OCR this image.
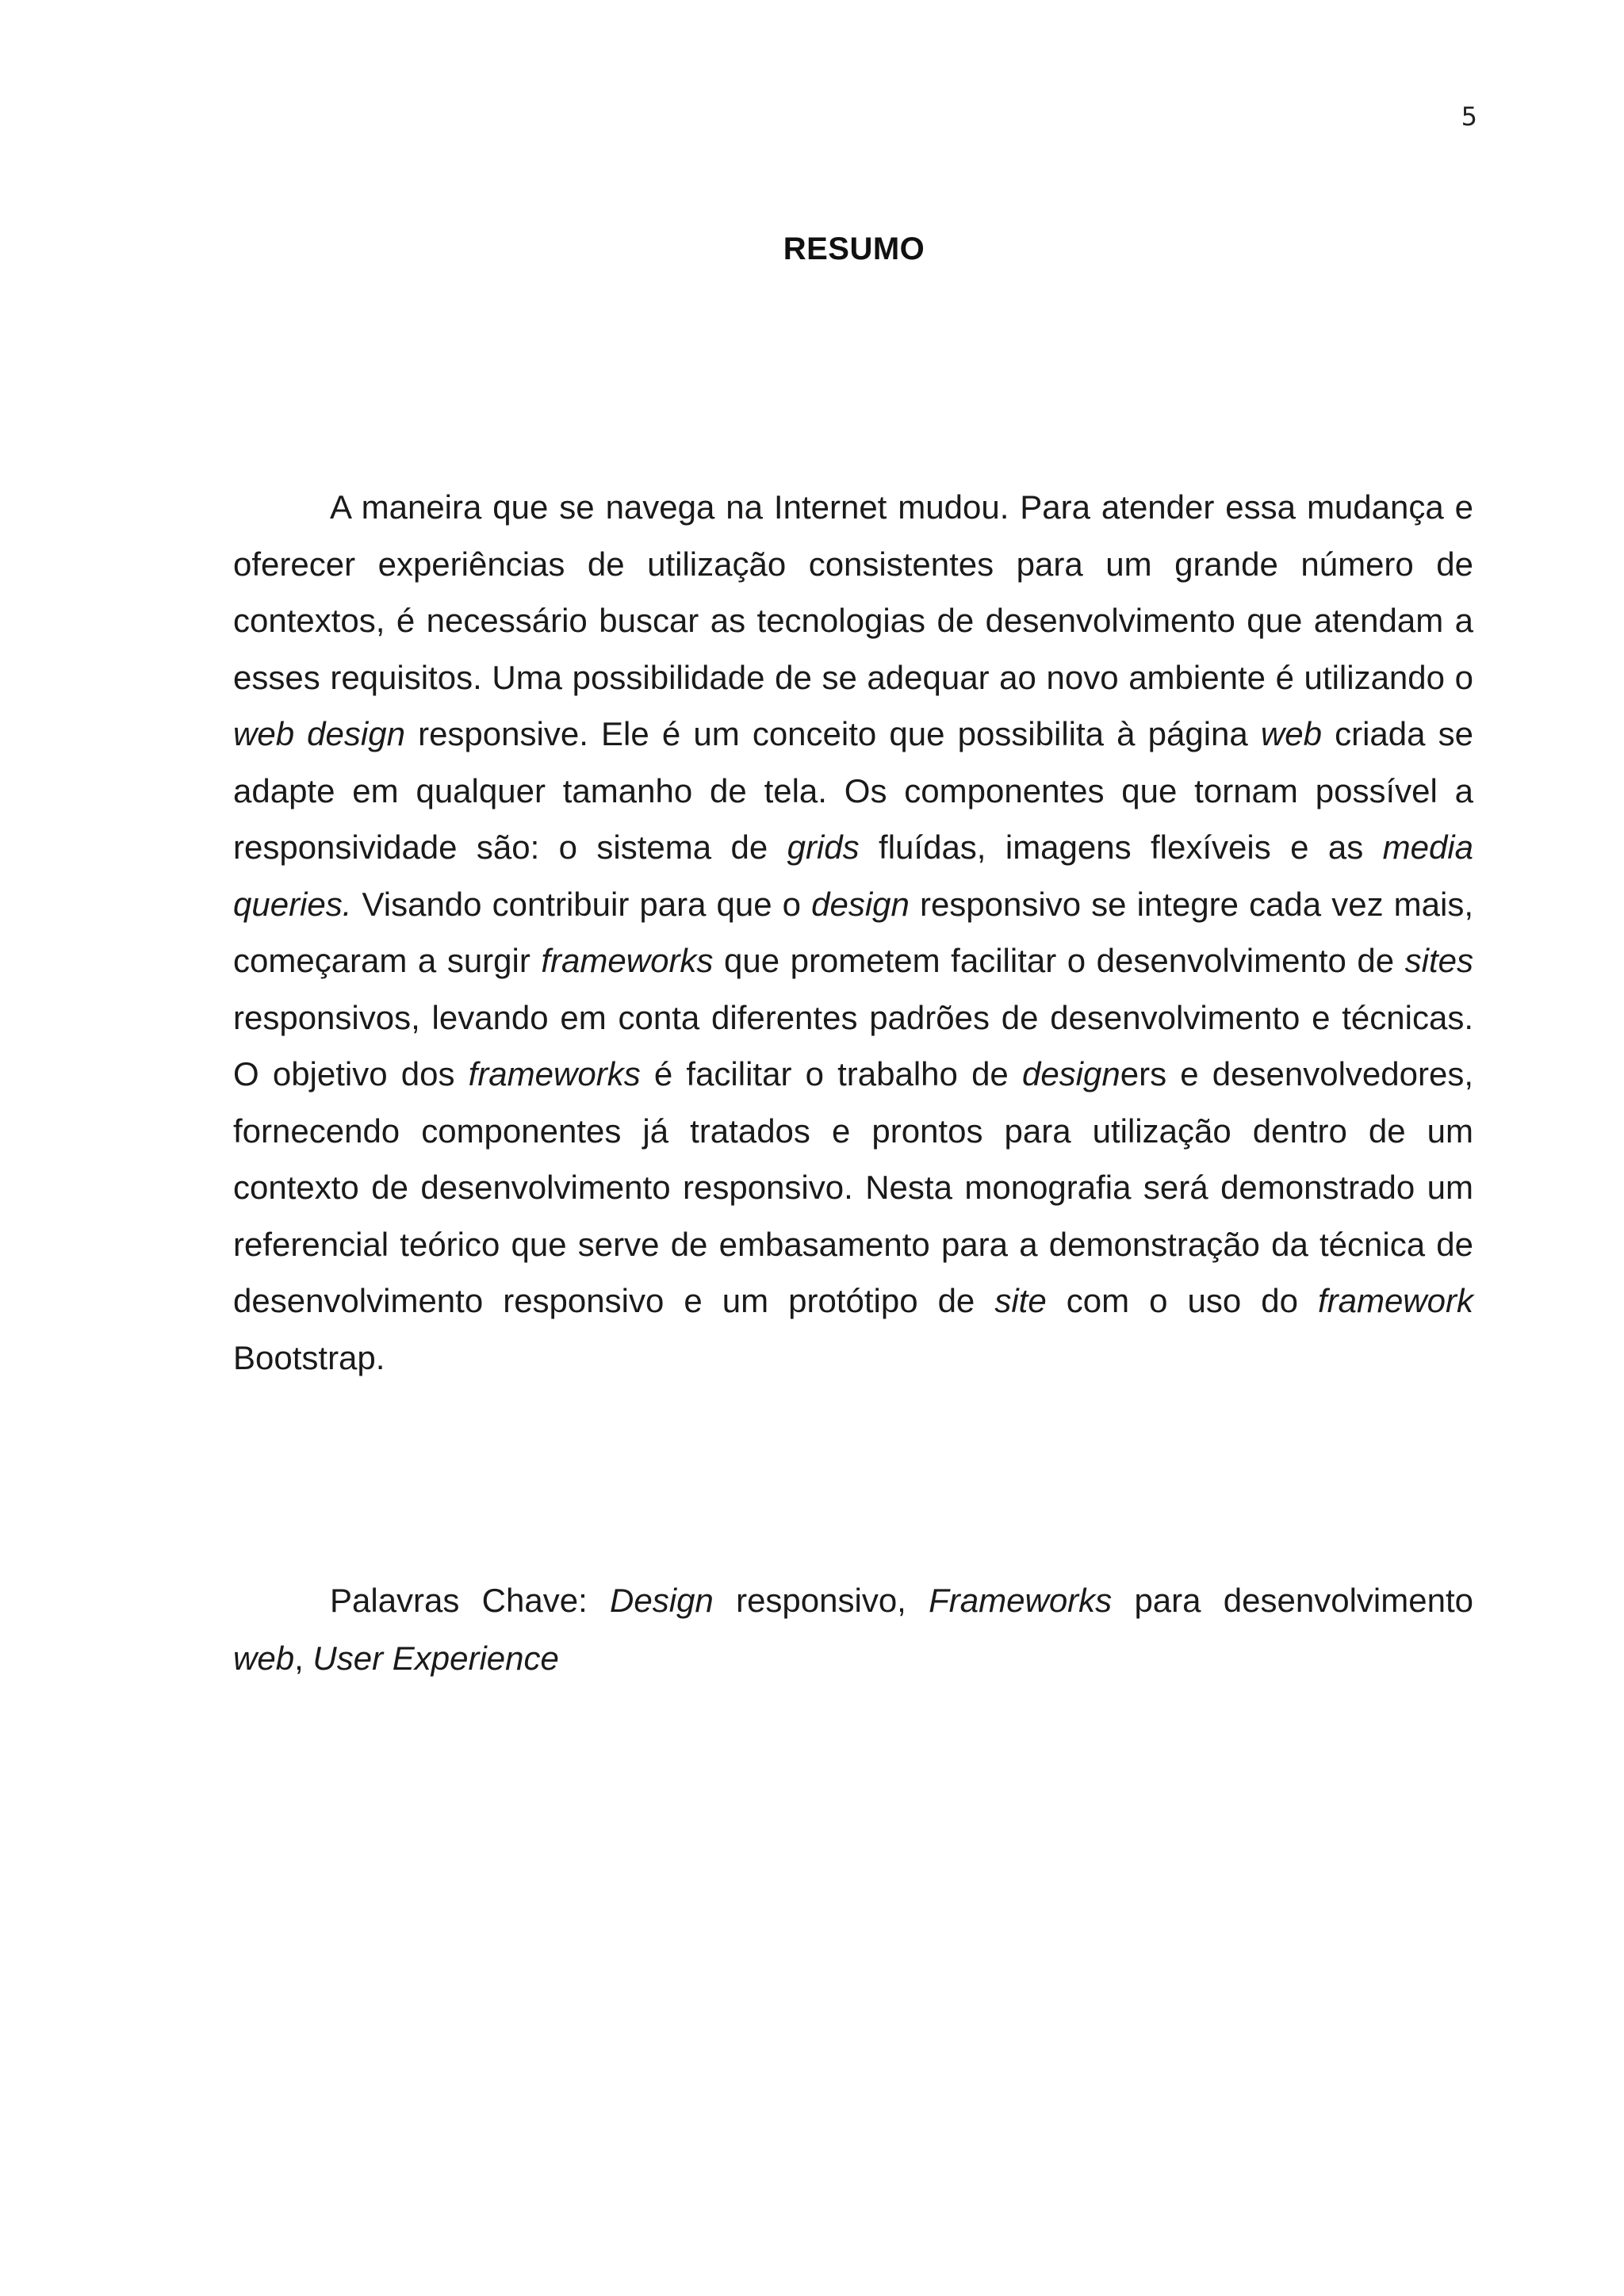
5
RESUMO

A maneira que se navega na Internet mudou. Para atender essa mudança e oferecer experiências de utilização consistentes para um grande número de contextos, é necessário buscar as tecnologias de desenvolvimento que atendam a esses requisitos. Uma possibilidade de se adequar ao novo ambiente é utilizando o web design responsive. Ele é um conceito que possibilita à página web criada se adapte em qualquer tamanho de tela. Os componentes que tornam possível a responsividade são: o sistema de grids fluídas, imagens flexíveis e as media queries. Visando contribuir para que o design responsivo se integre cada vez mais, começaram a surgir frameworks que prometem facilitar o desenvolvimento de sites responsivos, levando em conta diferentes padrões de desenvolvimento e técnicas. O objetivo dos frameworks é facilitar o trabalho de designers e desenvolvedores, fornecendo componentes já tratados e prontos para utilização dentro de um contexto de desenvolvimento responsivo. Nesta monografia será demonstrado um referencial teórico que serve de embasamento para a demonstração da técnica de desenvolvimento responsivo e um protótipo de site com o uso do framework Bootstrap.

Palavras Chave: Design responsivo, Frameworks para desenvolvimento web, User Experience
